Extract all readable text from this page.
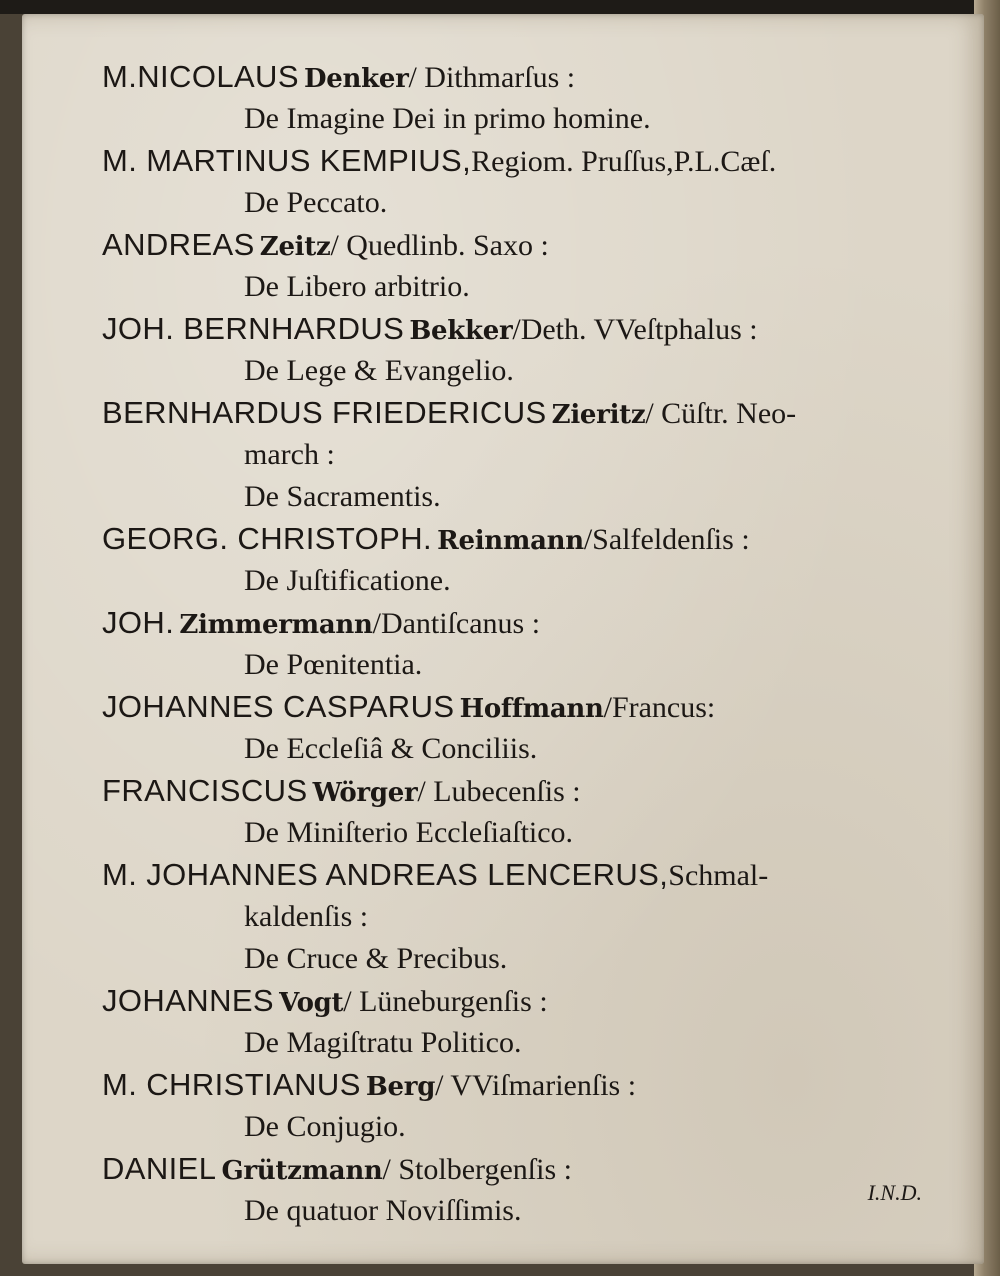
M.NICOLAUS Denker/ Dithmarſus :
De Imagine Dei in primo homine.
M. MARTINUS KEMPIUS,Regiom. Pruſſus,P.L.Cæſ.
De Peccato.
ANDREAS Zeitz/ Quedlinb. Saxo :
De Libero arbitrio.
JOH. BERNHARDUS Bekker/Deth. VVeſtphalus :
De Lege & Evangelio.
BERNHARDUS FRIEDERICUS Zieritz/ Cüſtr. Neo-
march :
De Sacramentis.
GEORG. CHRISTOPH. Reinmann/Salfeldenſis :
De Juſtificatione.
JOH. Zimmermann/Dantiſcanus :
De Pœnitentia.
JOHANNES CASPARUS Hoffmann/Francus:
De Eccleſiâ & Conciliis.
FRANCISCUS Wörger/ Lubecenſis :
De Miniſterio Eccleſiaſtico.
M. JOHANNES ANDREAS LENCERUS,Schmal-
kaldenſis :
De Cruce & Precibus.
JOHANNES Vogt/ Lüneburgenſis :
De Magiſtratu Politico.
M. CHRISTIANUS Berg/ VViſmarienſis :
De Conjugio.
DANIEL Grützmann/ Stolbergenſis :
De quatuor Noviſſimis.
I.N.D.
